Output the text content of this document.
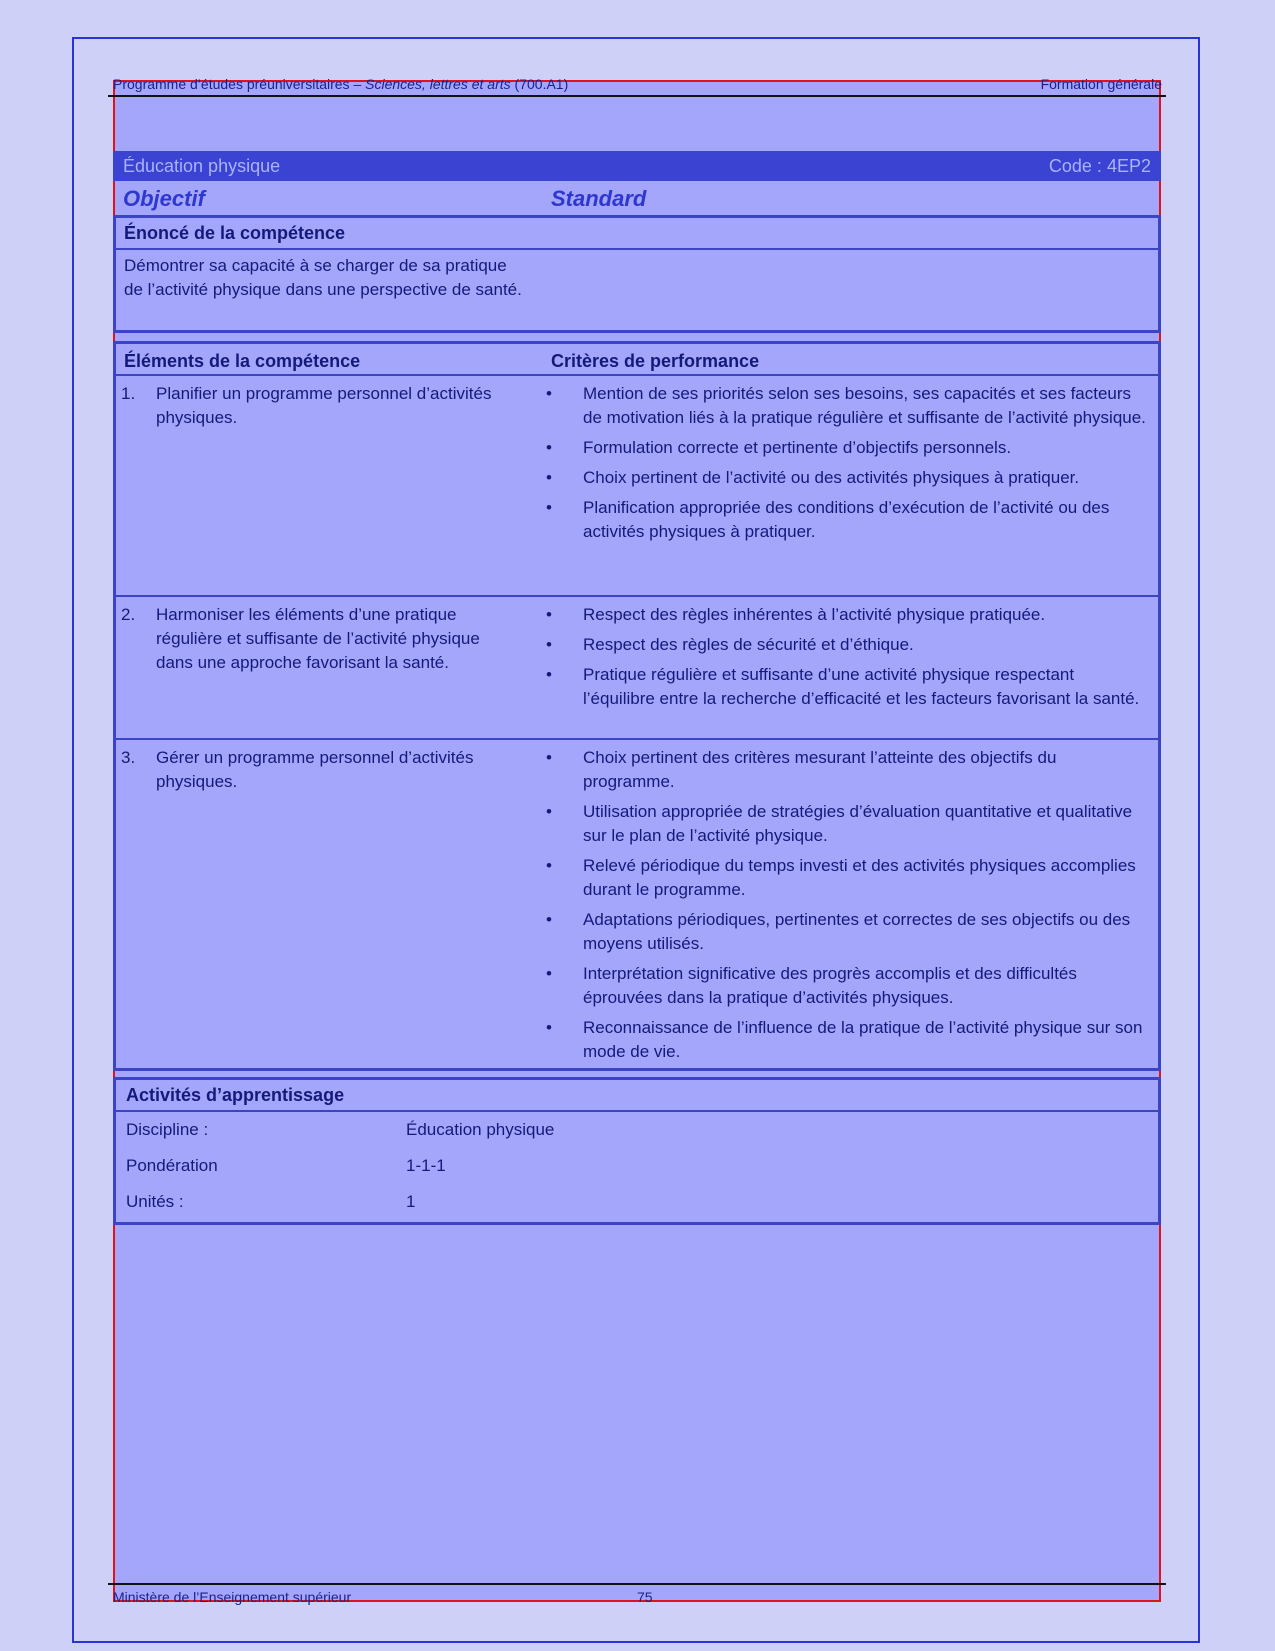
Programme d’études préuniversitaires – Sciences, lettres et arts (700.A1)	Formation générale
Éducation physique	Code : 4EP2
Objectif	Standard
Énoncé de la compétence
Démontrer sa capacité à se charger de sa pratique de l’activité physique dans une perspective de santé.
Éléments de la compétence	Critères de performance
1. Planifier un programme personnel d’activités physiques.
• Mention de ses priorités selon ses besoins, ses capacités et ses facteurs de motivation liés à la pratique régulière et suffisante de l’activité physique.
• Formulation correcte et pertinente d’objectifs personnels.
• Choix pertinent de l’activité ou des activités physiques à pratiquer.
• Planification appropriée des conditions d’exécution de l’activité ou des activités physiques à pratiquer.
2. Harmoniser les éléments d’une pratique régulière et suffisante de l’activité physique dans une approche favorisant la santé.
• Respect des règles inhérentes à l’activité physique pratiquée.
• Respect des règles de sécurité et d’éthique.
• Pratique régulière et suffisante d’une activité physique respectant l’équilibre entre la recherche d’efficacité et les facteurs favorisant la santé.
3. Gérer un programme personnel d’activités physiques.
• Choix pertinent des critères mesurant l’atteinte des objectifs du programme.
• Utilisation appropriée de stratégies d’évaluation quantitative et qualitative sur le plan de l’activité physique.
• Relevé périodique du temps investi et des activités physiques accomplies durant le programme.
• Adaptations périodiques, pertinentes et correctes de ses objectifs ou des moyens utilisés.
• Interprétation significative des progrès accomplis et des difficultés éprouvées dans la pratique d’activités physiques.
• Reconnaissance de l’influence de la pratique de l’activité physique sur son mode de vie.
Activités d’apprentissage
Discipline :	Éducation physique
Pondération	1-1-1
Unités :	1
Ministère de l’Enseignement supérieur	75
